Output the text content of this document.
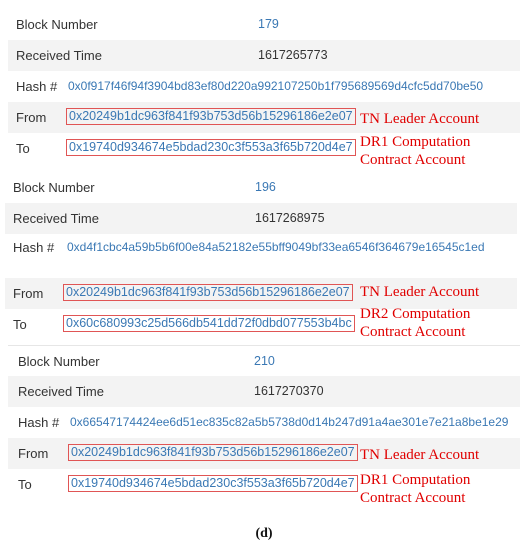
Block Number	179
Received Time	1617265773
Hash # 0x0f917f46f94f3904bd83ef80d220a992107250b1f795689569d4cfc5dd70be50
From 0x20249b1dc963f841f93b753d56b15296186e2e07
To	0x19740d934674e5bdad230c3f553a3f65b720d4e7
TN Leader Account
DR1 Computation
Contract Account
Block Number	196
Received Time	1617268975
Hash # 0xd4f1cbc4a59b5b6f00e84a52182e55bff9049bf33ea6546f364679e16545c1ed
From 0x20249b1dc963f841f93b753d56b15296186e2e07
To	0x60c680993c25d566db541dd72f0dbd077553b4bc
TN Leader Account
DR2 Computation
Contract Account
Block Number	210
Received Time	1617270370
Hash # 0x66547174424ee6d51ec835c82a5b5738d0d14b247d91a4ae301e7e21a8be1e29
From 0x20249b1dc963f841f93b753d56b15296186e2e07
To	0x19740d934674e5bdad230c3f553a3f65b720d4e7
TN Leader Account
DR1 Computation
Contract Account
(d)
